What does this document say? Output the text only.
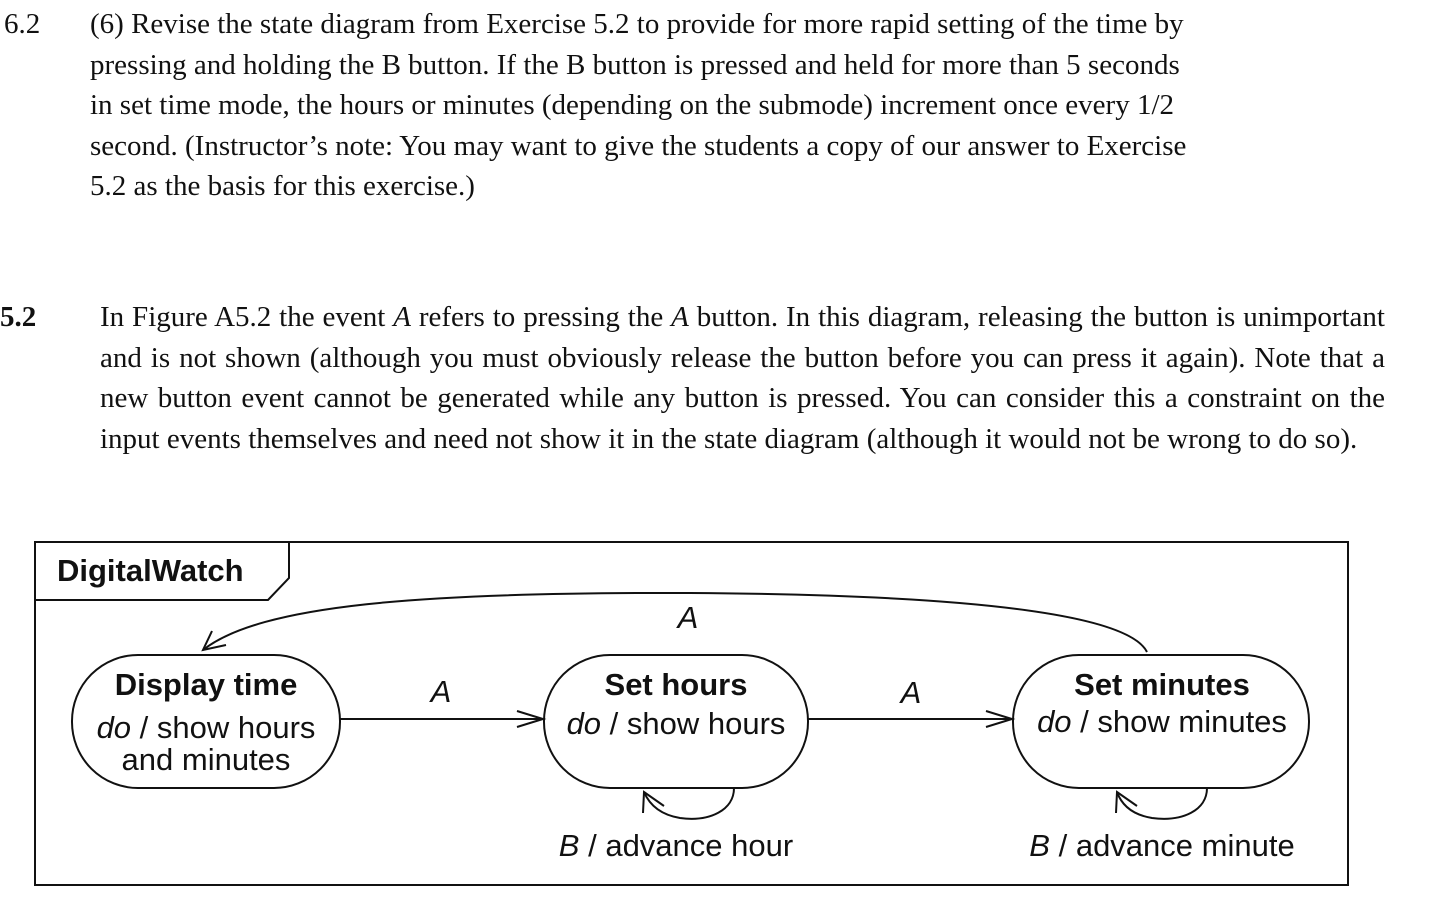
6.2 (6) Revise the state diagram from Exercise 5.2 to provide for more rapid setting of the time by
pressing and holding the B button. If the B button is pressed and held for more than 5 seconds
in set time mode, the hours or minutes (depending on the submode) increment once every 1/2
second. (Instructor’s note: You may want to give the students a copy of our answer to Exercise
5.2 as the basis for this exercise.)
5.2 In Figure A5.2 the event A refers to pressing the A button. In this diagram, releasing the button is unimportant and is not shown (although you must obviously release the button before you can press it again). Note that a new button event cannot be generated while any button is pressed. You can consider this a constraint on the input events themselves and need not show it in the state diagram (although it would not be wrong to do so).
DigitalWatch
Display time
do / show hours
and minutes
Set hours
do / show hours
Set minutes
do / show minutes
A	A
A
B / advance hour	B / advance minute
